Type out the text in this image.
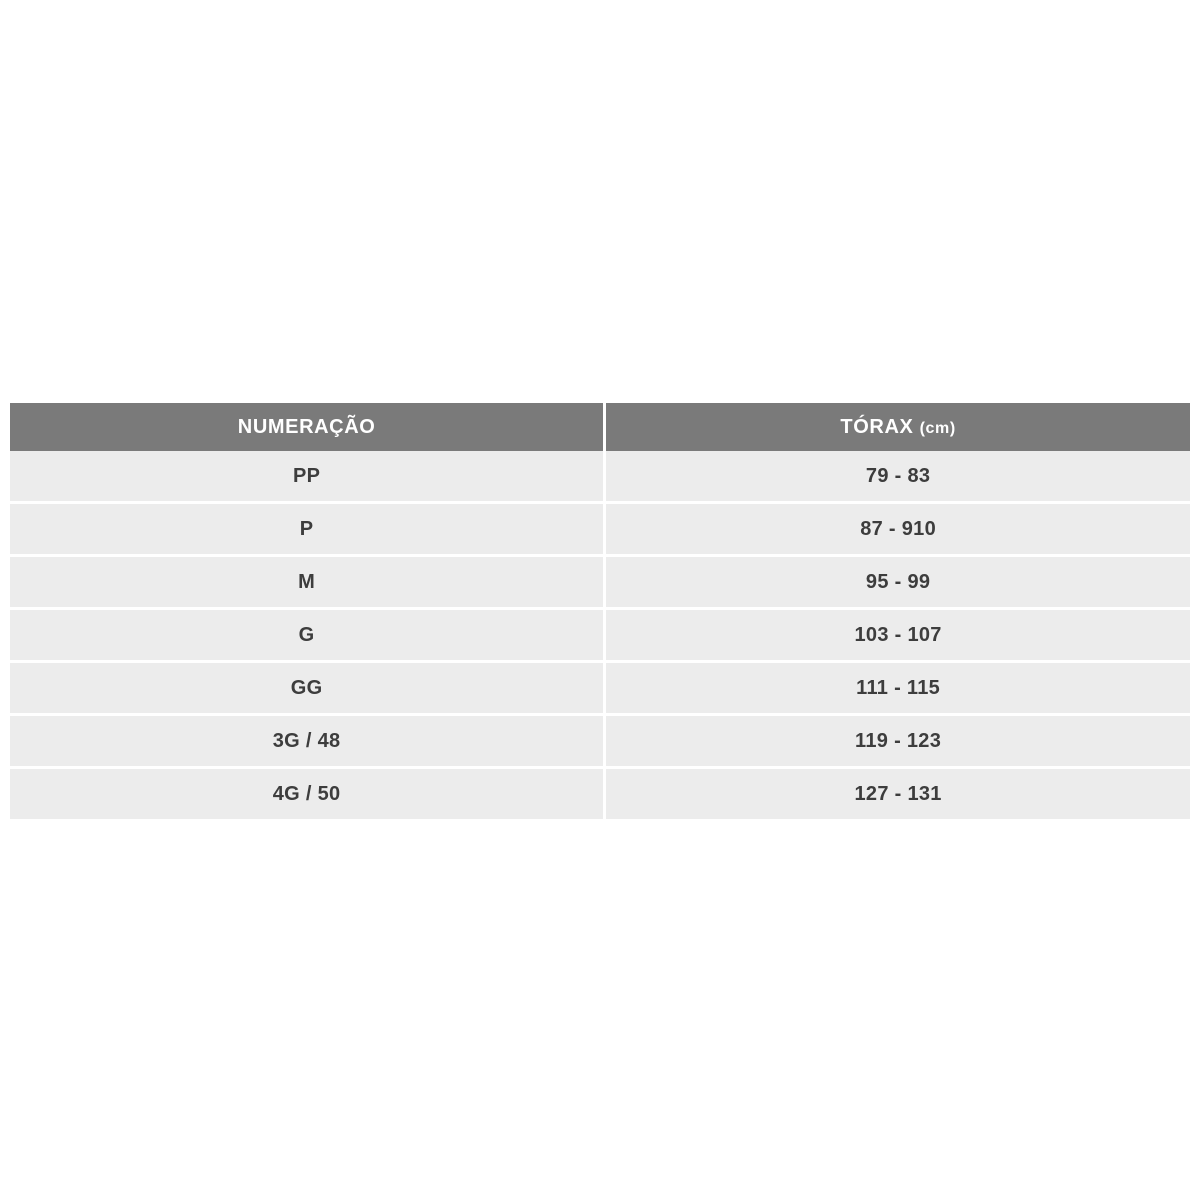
NUMERAÇÃO	TÓRAX (cm)
PP	79 - 83
P	87 - 910
M	95 - 99
G	103 - 107
GG	111 - 115
3G / 48	119 - 123
4G / 50	127 - 131
